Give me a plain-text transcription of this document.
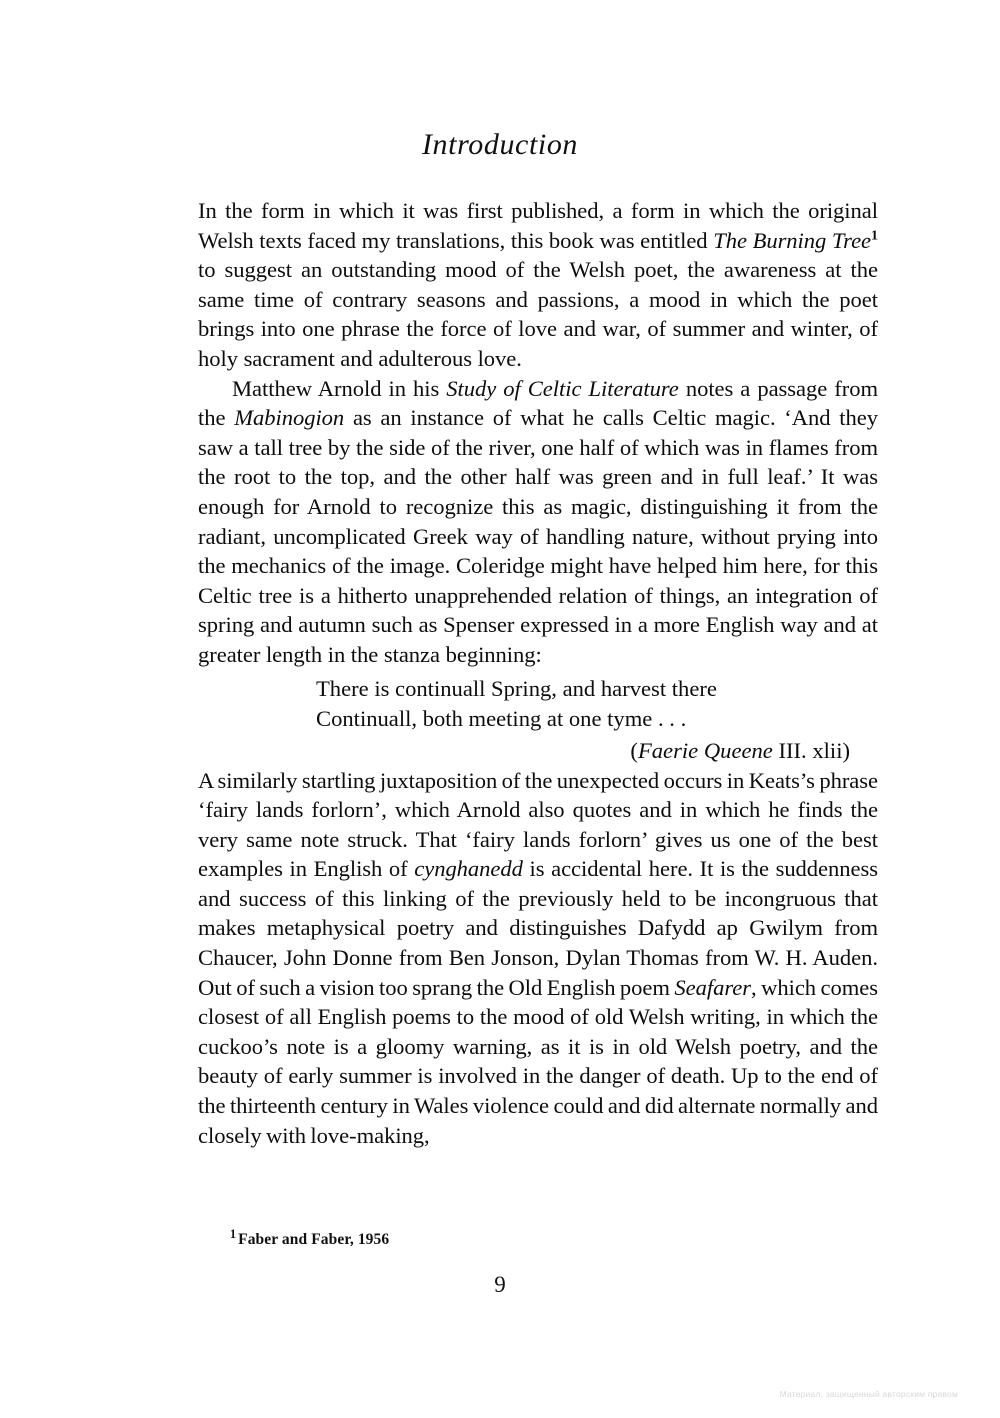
Introduction

In the form in which it was first published, a form in which the original Welsh texts faced my translations, this book was entitled The Burning Tree$^1$ to suggest an outstanding mood of the Welsh poet, the awareness at the same time of contrary seasons and passions, a mood in which the poet brings into one phrase the force of love and war, of summer and winter, of holy sacrament and adulterous love.

Matthew Arnold in his Study of Celtic Literature notes a passage from the Mabinogion as an instance of what he calls Celtic magic. ‘And they saw a tall tree by the side of the river, one half of which was in flames from the root to the top, and the other half was green and in full leaf.’ It was enough for Arnold to recognize this as magic, distinguishing it from the radiant, uncomplicated Greek way of handling nature, without prying into the mechanics of the image. Coleridge might have helped him here, for this Celtic tree is a hitherto unapprehended relation of things, an integration of spring and autumn such as Spenser expressed in a more English way and at greater length in the stanza beginning:

There is continuall Spring, and harvest there
Continuall, both meeting at one tyme . . .

(Faerie Queene III. xlii)

A similarly startling juxtaposition of the unexpected occurs in Keats’s phrase ‘fairy lands forlorn’, which Arnold also quotes and in which he finds the very same note struck. That ‘fairy lands forlorn’ gives us one of the best examples in English of cynghanedd is accidental here. It is the suddenness and success of this linking of the previously held to be incongruous that makes metaphysical poetry and distinguishes Dafydd ap Gwilym from Chaucer, John Donne from Ben Jonson, Dylan Thomas from W. H. Auden. Out of such a vision too sprang the Old English poem Seafarer, which comes closest of all English poems to the mood of old Welsh writing, in which the cuckoo’s note is a gloomy warning, as it is in old Welsh poetry, and the beauty of early summer is involved in the danger of death. Up to the end of the thirteenth century in Wales violence could and did alternate normally and closely with love-making,

$^1$ Faber and Faber, 1956
9
Материал, защищенный авторским правом
